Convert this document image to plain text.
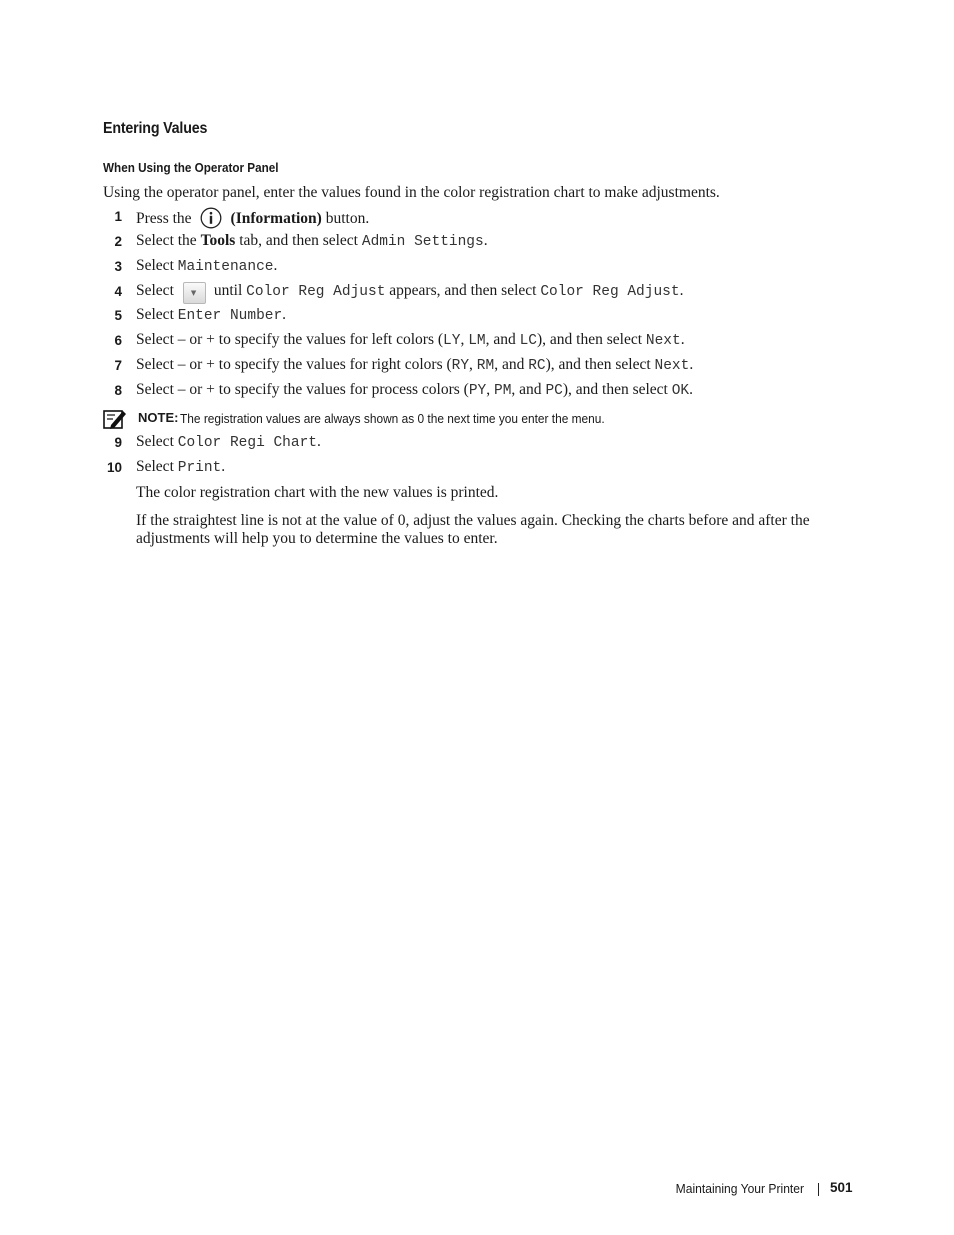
Entering Values
When Using the Operator Panel
Using the operator panel, enter the values found in the color registration chart to make adjustments.
1 Press the	(Information) button.
2 Select the Tools tab, and then select Admin Settings.
3 Select Maintenance.
4 Select ▼ until Color Reg Adjust appears, and then select Color Reg Adjust.
5 Select Enter Number.
6 Select – or + to specify the values for left colors (LY, LM, and LC), and then select Next.
7 Select – or + to specify the values for right colors (RY, RM, and RC), and then select Next.
8 Select – or + to specify the values for process colors (PY, PM, and PC), and then select OK.
NOTE: The registration values are always shown as 0 the next time you enter the menu.
9 Select Color Regi Chart.
10 Select Print.
The color registration chart with the new values is printed.
If the straightest line is not at the value of 0, adjust the values again. Checking the charts before and after the adjustments will help you to determine the values to enter.
Maintaining Your Printer 501
